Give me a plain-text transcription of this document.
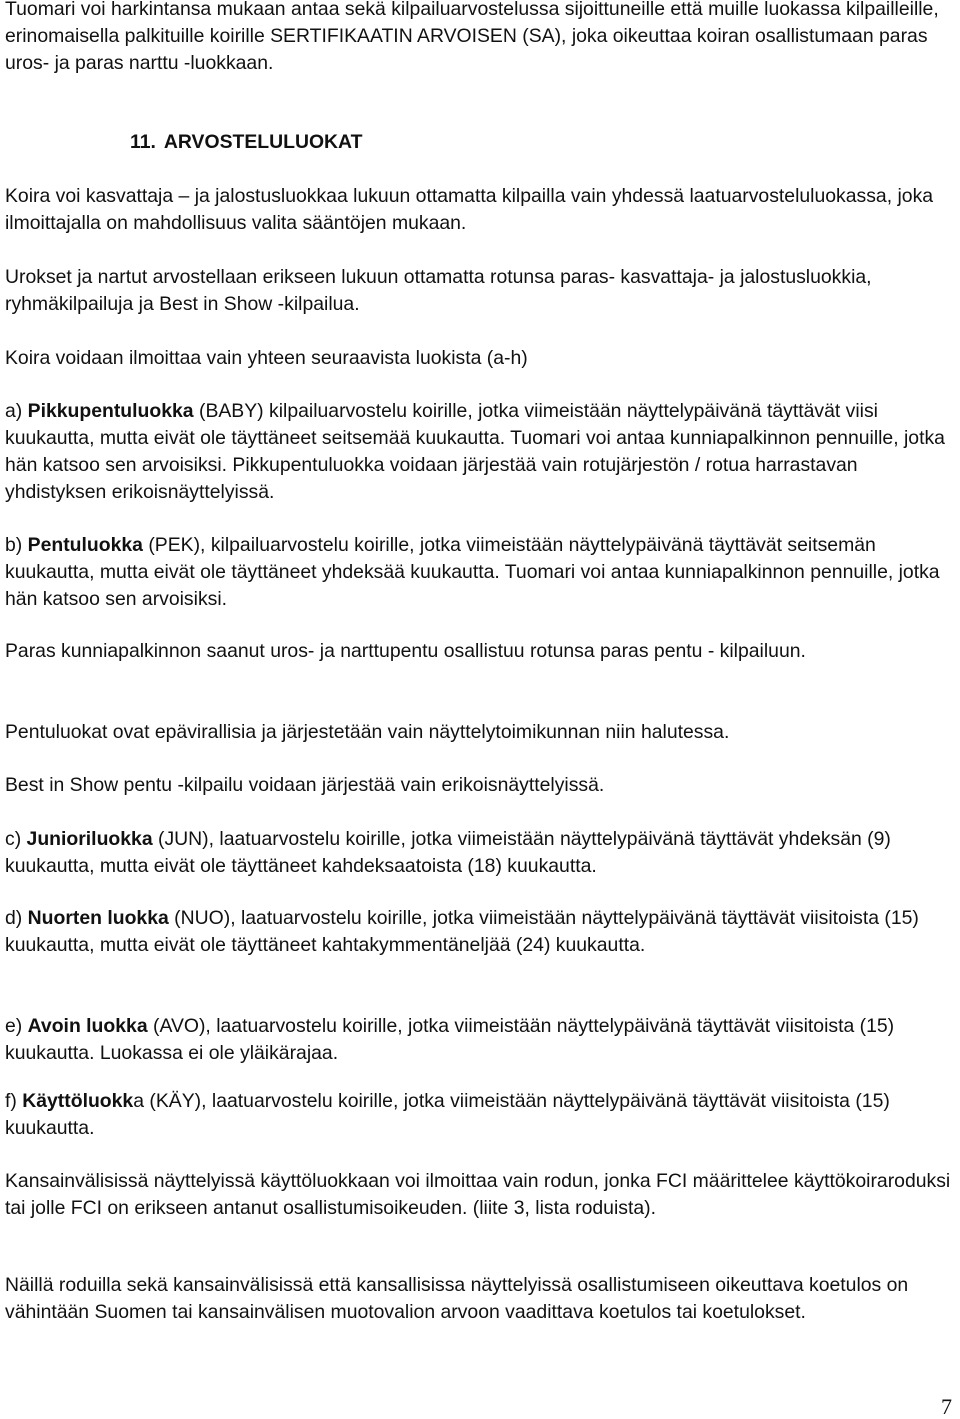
Tuomari voi harkintansa mukaan antaa sekä kilpailuarvostelussa sijoittuneille että muille luokassa kilpailleille, erinomaisella palkituille koirille SERTIFIKAATIN ARVOISEN (SA), joka oikeuttaa koiran osallistumaan paras uros- ja paras narttu -luokkaan.

11. ARVOSTELULUOKAT

Koira voi kasvattaja – ja jalostusluokkaa lukuun ottamatta kilpailla vain yhdessä laatuarvosteluluokassa, joka ilmoittajalla on mahdollisuus valita sääntöjen mukaan.

Urokset ja nartut arvostellaan erikseen lukuun ottamatta rotunsa paras- kasvattaja- ja jalostusluokkia, ryhmäkilpailuja ja Best in Show -kilpailua.

Koira voidaan ilmoittaa vain yhteen seuraavista luokista (a-h)

a) Pikkupentuluokka (BABY) kilpailuarvostelu koirille, jotka viimeistään näyttelypäivänä täyttävät viisi kuukautta, mutta eivät ole täyttäneet seitsemää kuukautta. Tuomari voi antaa kunniapalkinnon pennuille, jotka hän katsoo sen arvoisiksi. Pikkupentuluokka voidaan järjestää vain rotujärjestön / rotua harrastavan yhdistyksen erikoisnäyttelyissä.

b) Pentuluokka (PEK), kilpailuarvostelu koirille, jotka viimeistään näyttelypäivänä täyttävät seitsemän kuukautta, mutta eivät ole täyttäneet yhdeksää kuukautta. Tuomari voi antaa kunniapalkinnon pennuille, jotka hän katsoo sen arvoisiksi.

Paras kunniapalkinnon saanut uros- ja narttupentu osallistuu rotunsa paras pentu - kilpailuun.

Pentuluokat ovat epävirallisia ja järjestetään vain näyttelytoimikunnan niin halutessa.

Best in Show pentu -kilpailu voidaan järjestää vain erikoisnäyttelyissä.

c) Junioriluokka (JUN), laatuarvostelu koirille, jotka viimeistään näyttelypäivänä täyttävät yhdeksän (9) kuukautta, mutta eivät ole täyttäneet kahdeksaatoista (18) kuukautta.

d) Nuorten luokka (NUO), laatuarvostelu koirille, jotka viimeistään näyttelypäivänä täyttävät viisitoista (15) kuukautta, mutta eivät ole täyttäneet kahtakymmentäneljää (24) kuukautta.

e) Avoin luokka (AVO), laatuarvostelu koirille, jotka viimeistään näyttelypäivänä täyttävät viisitoista (15) kuukautta. Luokassa ei ole yläikärajaa.

f) Käyttöluokka (KÄY), laatuarvostelu koirille, jotka viimeistään näyttelypäivänä täyttävät viisitoista (15) kuukautta.

Kansainvälisissä näyttelyissä käyttöluokkaan voi ilmoittaa vain rodun, jonka FCI määrittelee käyttökoiraroduksi tai jolle FCI on erikseen antanut osallistumisoikeuden. (liite 3, lista roduista).

Näillä roduilla sekä kansainvälisissä että kansallisissa näyttelyissä osallistumiseen oikeuttava koetulos on vähintään Suomen tai kansainvälisen muotovalion arvoon vaadittava koetulos tai koetulokset.

7
